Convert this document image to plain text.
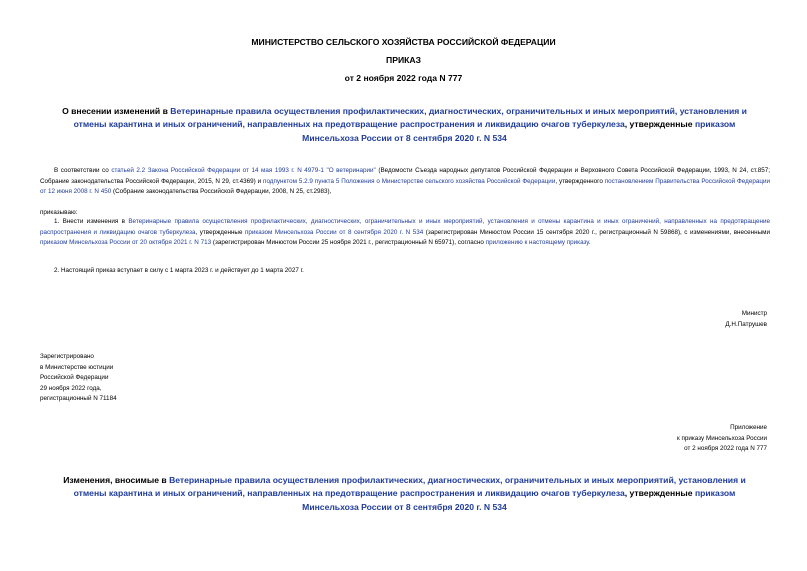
МИНИСТЕРСТВО СЕЛЬСКОГО ХОЗЯЙСТВА РОССИЙСКОЙ ФЕДЕРАЦИИ
ПРИКАЗ
от 2 ноября 2022 года N 777
О внесении изменений в Ветеринарные правила осуществления профилактических, диагностических, ограничительных и иных мероприятий, установления и отмены карантина и иных ограничений, направленных на предотвращение распространения и ликвидацию очагов туберкулеза, утвержденные приказом Минсельхоза России от 8 сентября 2020 г. N 534
В соответствии со статьей 2.2 Закона Российской Федерации от 14 мая 1993 г. N 4979-1 "О ветеринарии" (Ведомости Съезда народных депутатов Российской Федерации и Верховного Совета Российской Федерации, 1993, N 24, ст.857; Собрание законодательства Российской Федерации, 2015, N 29, ст.4369) и подпунктом 5.2.9 пункта 5 Положения о Министерстве сельского хозяйства Российской Федерации, утвержденного постановлением Правительства Российской Федерации от 12 июня 2008 г. N 450 (Собрание законодательства Российской Федерации, 2008, N 25, ст.2983),
приказываю:
1. Внести изменения в Ветеринарные правила осуществления профилактических, диагностических, ограничительных и иных мероприятий, установления и отмены карантина и иных ограничений, направленных на предотвращение распространения и ликвидацию очагов туберкулеза, утвержденные приказом Минсельхоза России от 8 сентября 2020 г. N 534 (зарегистрирован Минюстом России 15 сентября 2020 г., регистрационный N 59868), с изменениями, внесенными приказом Минсельхоза России от 20 октября 2021 г. N 713 (зарегистрирован Минюстом России 25 ноября 2021 г., регистрационный N 65971), согласно приложению к настоящему приказу.
2. Настоящий приказ вступает в силу с 1 марта 2023 г. и действует до 1 марта 2027 г.
Министр
Д.Н.Патрушев
Зарегистрировано
в Министерстве юстиции
Российской Федерации
29 ноября 2022 года,
регистрационный N 71184
Приложение
к приказу Минсельхоза России
от 2 ноября 2022 года N 777
Изменения, вносимые в Ветеринарные правила осуществления профилактических, диагностических, ограничительных и иных мероприятий, установления и отмены карантина и иных ограничений, направленных на предотвращение распространения и ликвидацию очагов туберкулеза, утвержденные приказом Минсельхоза России от 8 сентября 2020 г. N 534
